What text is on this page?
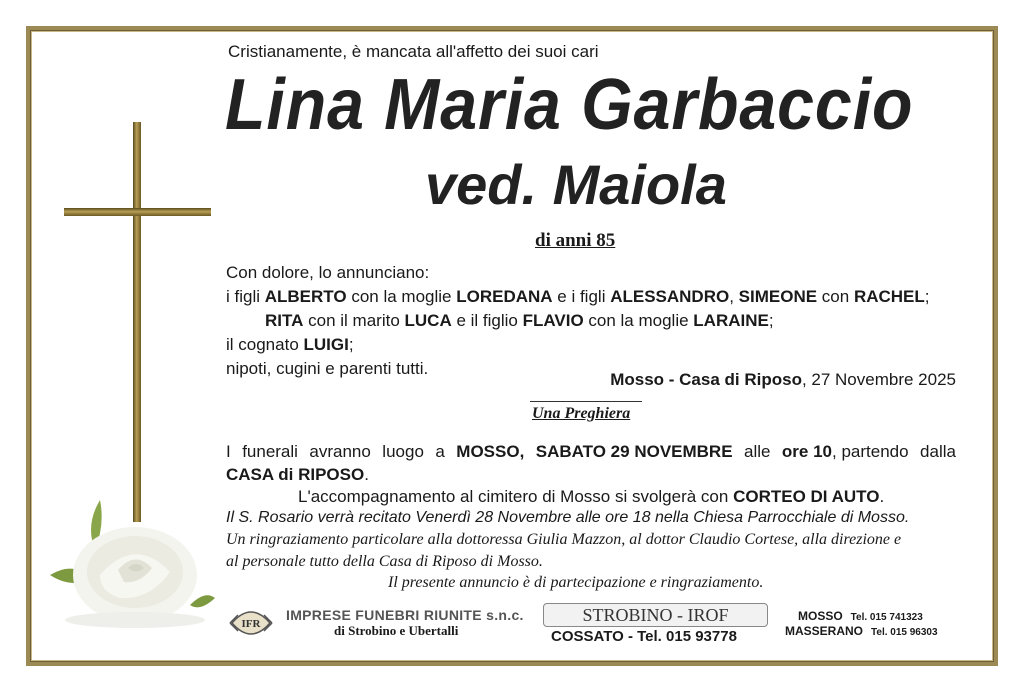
Cristianamente, è mancata all'affetto dei suoi cari
Lina Maria Garbaccio
ved. Maiola
di anni 85
Con dolore, lo annunciano:
i figli ALBERTO con la moglie LOREDANA e i figli ALESSANDRO, SIMEONE con RACHEL;
RITA con il marito LUCA e il figlio FLAVIO con la moglie LARAINE;
il cognato LUIGI;
nipoti, cugini e parenti tutti.
Mosso - Casa di Riposo, 27 Novembre 2025
Una Preghiera
I funerali avranno luogo a MOSSO, SABATO 29 NOVEMBRE alle ore 10, partendo dalla
CASA di RIPOSO.
L'accompagnamento al cimitero di Mosso si svolgerà con CORTEO DI AUTO.
Il S. Rosario verrà recitato Venerdì 28 Novembre alle ore 18 nella Chiesa Parrocchiale di Mosso.
Un ringraziamento particolare alla dottoressa Giulia Mazzon, al dottor Claudio Cortese, alla direzione e
al personale tutto della Casa di Riposo di Mosso.
Il presente annuncio è di partecipazione e ringraziamento.
IFR
IMPRESE FUNEBRI RIUNITE s.n.c.
di Strobino e Ubertalli
STROBINO - IROF
COSSATO - Tel. 015 93778
MOSSO Tel. 015 741323
MASSERANO Tel. 015 96303
